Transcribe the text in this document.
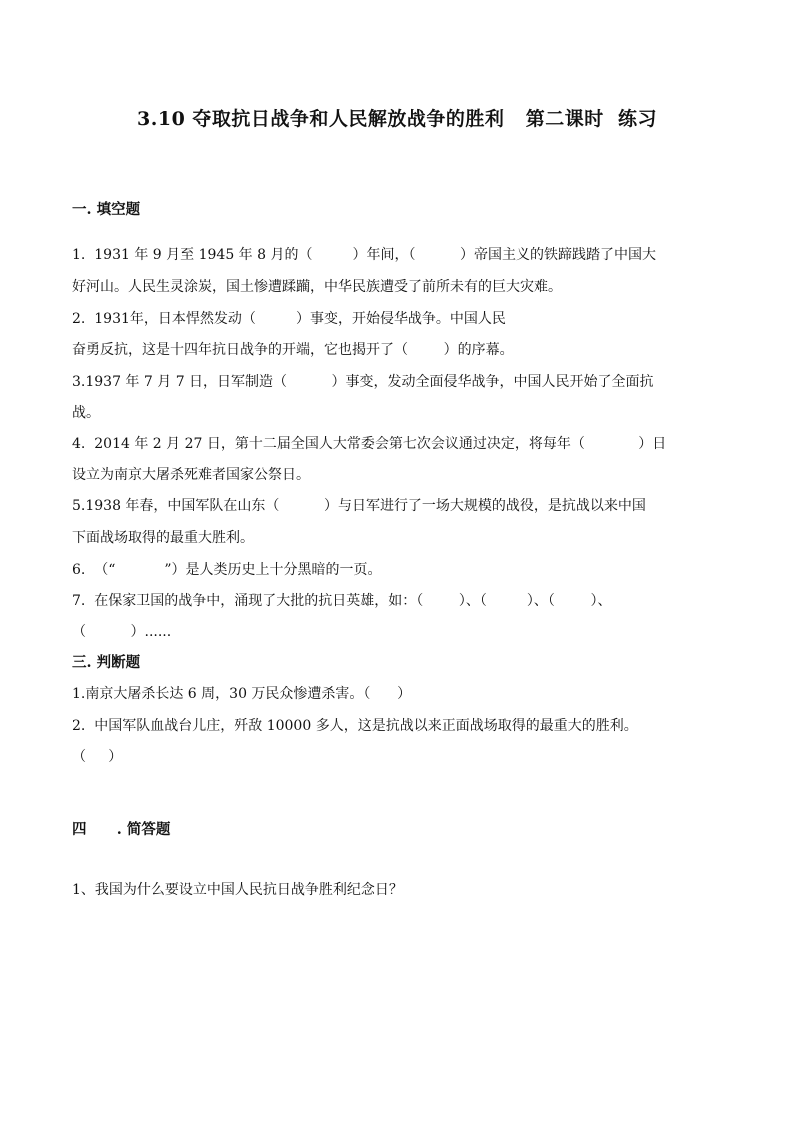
3.10 夺取抗日战争和人民解放战争的胜利   第二课时  练习
一. 填空题
1.  1931 年 9 月至 1945 年 8 月的（         ）年间，（          ）帝国主义的铁蹄践踏了中国大
好河山。人民生灵涂炭，国土惨遭蹂躏，中华民族遭受了前所未有的巨大灾难。
2.  1931年，日本悍然发动（         ）事变，开始侵华战争。中国人民
奋勇反抗，这是十四年抗日战争的开端，它也揭开了（        ）的序幕。
3.1937 年 7 月 7 日，日军制造（          ）事变，发动全面侵华战争，中国人民开始了全面抗
战。
4.  2014 年 2 月 27 日，第十二届全国人大常委会第七次会议通过决定，将每年（            ）日
设立为南京大屠杀死难者国家公祭日。
5.1938 年春，中国军队在山东（          ）与日军进行了一场大规模的战役，是抗战以来中国
下面战场取得的最重大胜利。
6.  （“           ”）是人类历史上十分黑暗的一页。
7.  在保家卫国的战争中，涌现了大批的抗日英雄，如：（        ）、（         ）、（        ）、
（          ）......
三. 判断题
1.南京大屠杀长达 6 周，30 万民众惨遭杀害。（      ）
2.  中国军队血战台儿庄，歼敌 10000 多人，这是抗战以来正面战场取得的最重大的胜利。
（     ）
四      . 简答题
1、我国为什么要设立中国人民抗日战争胜利纪念日？
